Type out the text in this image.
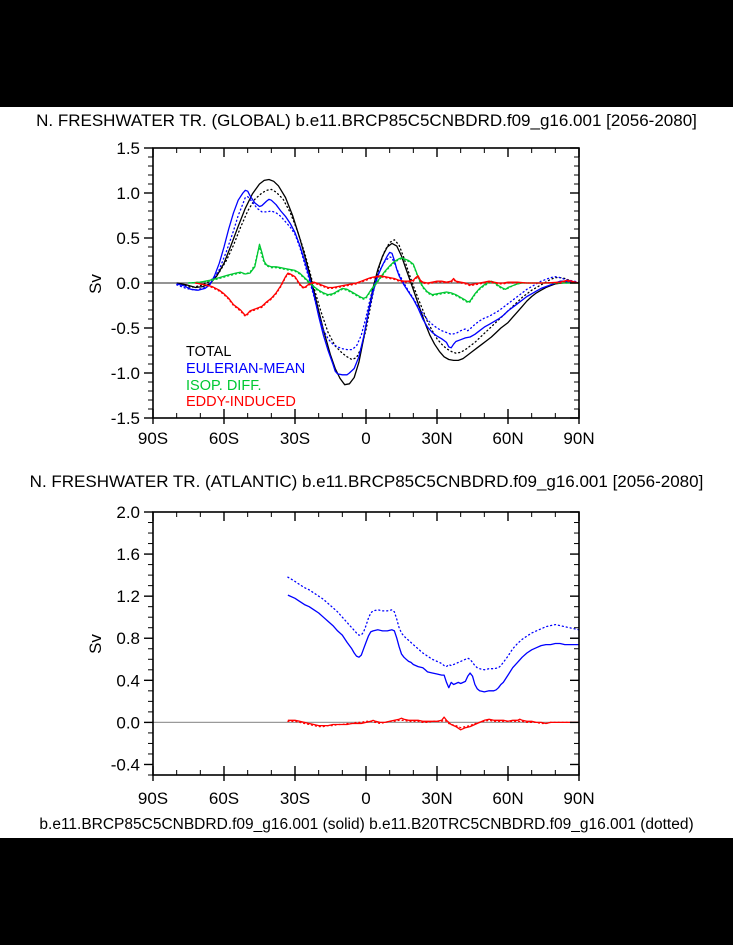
90S 60S 30S	0	30N 60N 90N
1.5
1.0
0.5
0.0
-0.5
-1.0
-1.5
90S 60S 30S	0	30N 60N 90N
2.0
1.6
1.2
0.8
0.4
0.0
-0.4
N. FRESHWATER TR. (GLOBAL) b.e11.BRCP85C5CNBDRD.f09_g16.001 [2056-2080]
N. FRESHWATER TR. (ATLANTIC) b.e11.BRCP85C5CNBDRD.f09_g16.001 [2056-2080]
Sv
Sv
TOTAL
EULERIAN-MEAN
ISOP. DIFF.
EDDY-INDUCED
b.e11.BRCP85C5CNBDRD.f09_g16.001 (solid) b.e11.B20TRC5CNBDRD.f09_g16.001 (dotted)
